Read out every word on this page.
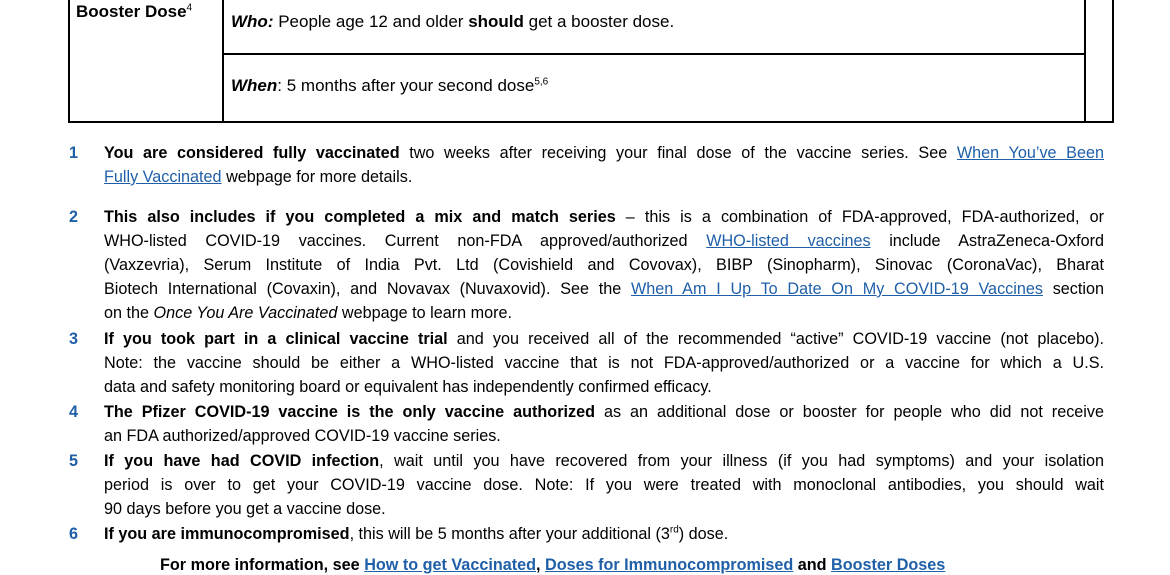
Booster Dose$^4$
Who: People age 12 and older should get a booster dose.
When: 5 months after your second dose$^{5,6}$
1 You are considered fully vaccinated two weeks after receiving your final dose of the vaccine series. See When You’ve Been
Fully Vaccinated webpage for more details.
2 This also includes if you completed a mix and match series – this is a combination of FDA-approved, FDA-authorized, or
WHO-listed COVID-19 vaccines. Current non-FDA approved/authorized WHO-listed vaccines include AstraZeneca-Oxford
(Vaxzevria), Serum Institute of India Pvt. Ltd (Covishield and Covovax), BIBP (Sinopharm), Sinovac (CoronaVac), Bharat
Biotech International (Covaxin), and Novavax (Nuvaxovid). See the When Am I Up To Date On My COVID-19 Vaccines section
on the Once You Are Vaccinated webpage to learn more.
3 If you took part in a clinical vaccine trial and you received all of the recommended “active” COVID-19 vaccine (not placebo).
Note: the vaccine should be either a WHO-listed vaccine that is not FDA-approved/authorized or a vaccine for which a U.S.
data and safety monitoring board or equivalent has independently confirmed efficacy.
4 The Pfizer COVID-19 vaccine is the only vaccine authorized as an additional dose or booster for people who did not receive
an FDA authorized/approved COVID-19 vaccine series.
5 If you have had COVID infection, wait until you have recovered from your illness (if you had symptoms) and your isolation
period is over to get your COVID-19 vaccine dose. Note: If you were treated with monoclonal antibodies, you should wait
90 days before you get a vaccine dose.
6 If you are immunocompromised, this will be 5 months after your additional (3rd) dose.
For more information, see How to get Vaccinated, Doses for Immunocompromised and Booster Doses
